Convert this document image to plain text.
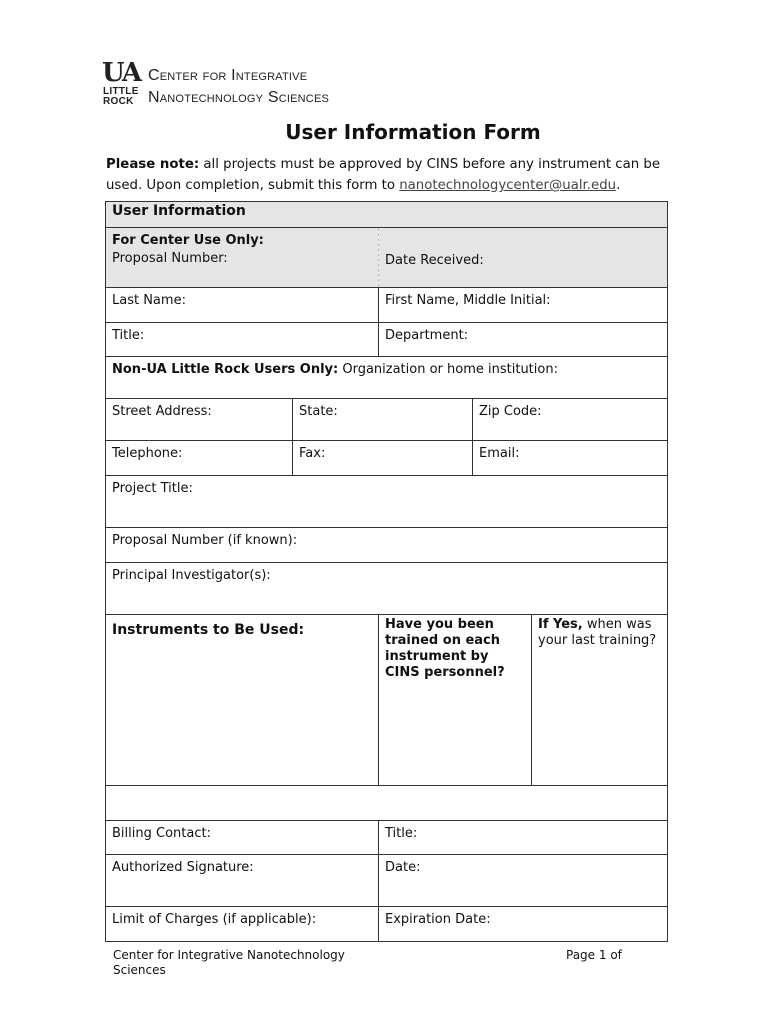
UA
LITTLE
ROCK
Center for Integrative
Nanotechnology Sciences
User Information Form
Please note: all projects must be approved by CINS before any instrument can be used. Upon completion, submit this form to nanotechnologycenter@ualr.edu.
User Information				

For Center Use Only:
Proposal Number:		Date Received:		
Last Name:		First Name, Middle Initial:		
Title:		Department:		
Non-UA Little Rock Users Only: Organization or home institution:				
Street Address:	State:		Zip Code:	
Telephone:	Fax:		Email:	
Project Title:				
Proposal Number (if known):				
Principal Investigator(s):				
Instruments to Be Used:		Have you been trained on each instrument by CINS personnel?		If Yes, when was your last training?

Billing Contact:		Title:		
Authorized Signature:		Date:		
Limit of Charges (if applicable):		Expiration Date:		
Center for Integrative Nanotechnology Sciences
Page 1 of
